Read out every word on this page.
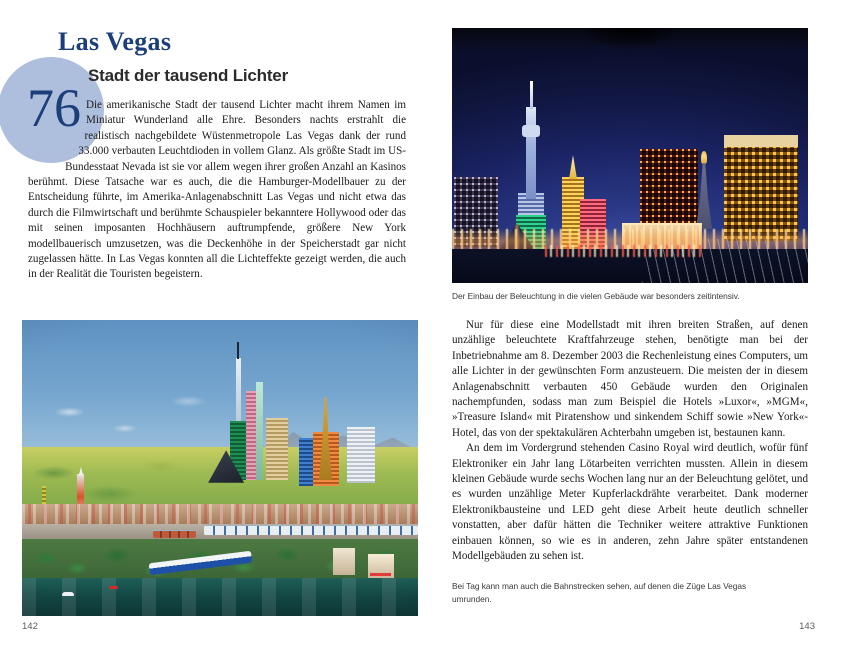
76
Las Vegas
Stadt der tausend Lichter

Die amerikanische Stadt der tausend Lichter macht ihrem Namen im Miniatur Wunderland alle Ehre. Besonders nachts erstrahlt die realistisch nachgebildete Wüstenmetropole Las Vegas dank der rund 33.000 verbauten Leuchtdioden in vollem Glanz. Als größte Stadt im US-Bundesstaat Nevada ist sie vor allem wegen ihrer großen Anzahl an Kasinos berühmt. Diese Tatsache war es auch, die die Hamburger-Modellbauer zu der Entscheidung führte, im Amerika-Anlagenabschnitt Las Vegas und nicht etwa das durch die Filmwirtschaft und berühmte Schauspieler bekanntere Hollywood oder das mit seinen imposanten Hochhäusern auftrumpfende, größere New York modellbauerisch umzusetzen, was die Deckenhöhe in der Speicherstadt gar nicht zugelassen hätte. In Las Vegas konnten all die Lichteffekte gezeigt werden, die auch in der Realität die Touristen begeistern.

142
Der Einbau der Beleuchtung in die vielen Gebäude war besonders zeitintensiv.

Nur für diese eine Modellstadt mit ihren breiten Straßen, auf denen unzählige beleuchtete Kraftfahrzeuge stehen, benötigte man bei der Inbetriebnahme am 8. Dezember 2003 die Rechenleistung eines Computers, um alle Lichter in der gewünschten Form anzusteuern. Die meisten der in diesem Anlagenabschnitt verbauten 450 Gebäude wurden den Originalen nachempfunden, sodass man zum Beispiel die Hotels »Luxor«, »MGM«, »Treasure Island« mit Piratenshow und sinkendem Schiff sowie »New York«-Hotel, das von der spektakulären Achterbahn umgeben ist, bestaunen kann.

An dem im Vordergrund stehenden Casino Royal wird deutlich, wofür fünf Elektroniker ein Jahr lang Lötarbeiten verrichten mussten. Allein in diesem kleinen Gebäude wurde sechs Wochen lang nur an der Beleuchtung gelötet, und es wurden unzählige Meter Kupferlackdrähte verarbeitet. Dank moderner Elektronikbausteine und LED geht diese Arbeit heute deutlich schneller vonstatten, aber dafür hätten die Techniker weitere attraktive Funktionen einbauen können, so wie es in anderen, zehn Jahre später entstandenen Modellgebäuden zu sehen ist.

Bei Tag kann man auch die Bahnstrecken sehen, auf denen die Züge Las Vegas umrunden.
143
